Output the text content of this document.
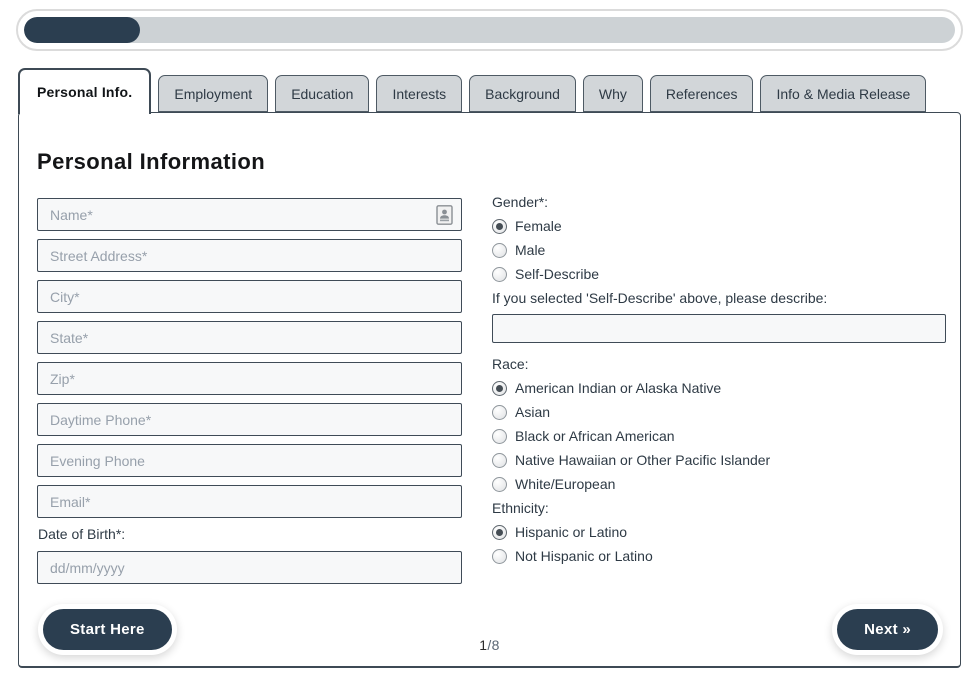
Personal Info.	Employment	Education	Interests	Background	Why	References	Info & Media Release
Personal Information
Name*
Street Address*
City*
State*
Zip*
Daytime Phone*
Evening Phone
Email*
Date of Birth*:
dd/mm/yyyy
Gender*:
Female
Male
Self-Describe
If you selected 'Self-Describe' above, please describe:
Race:
American Indian or Alaska Native
Asian
Black or African American
Native Hawaiian or Other Pacific Islander
White/European
Ethnicity:
Hispanic or Latino
Not Hispanic or Latino
Start Here
1/8
Next »
